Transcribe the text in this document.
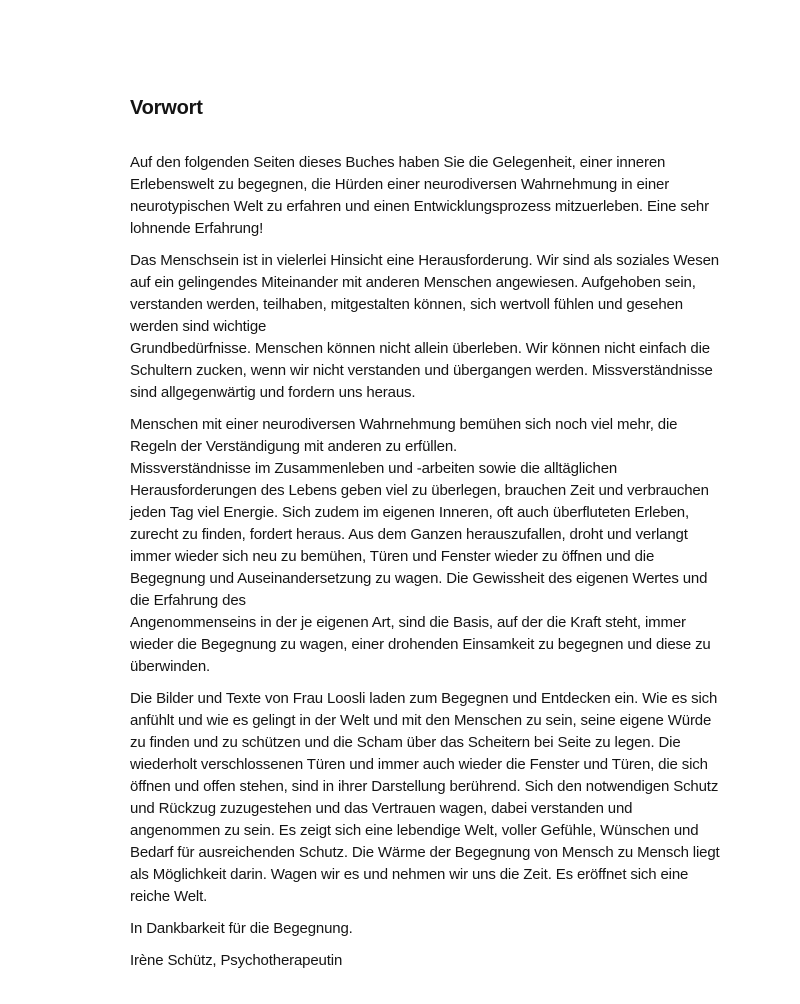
Vorwort

Auf den folgenden Seiten dieses Buches haben Sie die Gelegenheit, einer inneren
Erlebenswelt zu begegnen, die Hürden einer neurodiversen Wahrnehmung in einer
neurotypischen Welt zu erfahren und einen Entwicklungsprozess mitzuerleben. Eine sehr
lohnende Erfahrung!

Das Menschsein ist in vielerlei Hinsicht eine Herausforderung. Wir sind als soziales Wesen
auf ein gelingendes Miteinander mit anderen Menschen angewiesen. Aufgehoben sein,
verstanden werden, teilhaben, mitgestalten können, sich wertvoll fühlen und gesehen
werden sind wichtige
Grundbedürfnisse. Menschen können nicht allein überleben. Wir können nicht einfach die
Schultern zucken, wenn wir nicht verstanden und übergangen werden. Missverständnisse
sind allgegenwärtig und fordern uns heraus.

Menschen mit einer neurodiversen Wahrnehmung bemühen sich noch viel mehr, die
Regeln der Verständigung mit anderen zu erfüllen.
Missverständnisse im Zusammenleben und -arbeiten sowie die alltäglichen
Herausforderungen des Lebens geben viel zu überlegen, brauchen Zeit und verbrauchen
jeden Tag viel Energie. Sich zudem im eigenen Inneren, oft auch überfluteten Erleben,
zurecht zu finden, fordert heraus. Aus dem Ganzen herauszufallen, droht und verlangt
immer wieder sich neu zu bemühen, Türen und Fenster wieder zu öffnen und die
Begegnung und Auseinandersetzung zu wagen. Die Gewissheit des eigenen Wertes und
die Erfahrung des
Angenommenseins in der je eigenen Art, sind die Basis, auf der die Kraft steht, immer
wieder die Begegnung zu wagen, einer drohenden Einsamkeit zu begegnen und diese zu
überwinden.

Die Bilder und Texte von Frau Loosli laden zum Begegnen und Entdecken ein. Wie es sich
anfühlt und wie es gelingt in der Welt und mit den Menschen zu sein, seine eigene Würde
zu finden und zu schützen und die Scham über das Scheitern bei Seite zu legen. Die
wiederholt verschlossenen Türen und immer auch wieder die Fenster und Türen, die sich
öffnen und offen stehen, sind in ihrer Darstellung berührend. Sich den notwendigen Schutz
und Rückzug zuzugestehen und das Vertrauen wagen, dabei verstanden und
angenommen zu sein. Es zeigt sich eine lebendige Welt, voller Gefühle, Wünschen und
Bedarf für ausreichenden Schutz. Die Wärme der Begegnung von Mensch zu Mensch liegt
als Möglichkeit darin. Wagen wir es und nehmen wir uns die Zeit. Es eröffnet sich eine
reiche Welt.

In Dankbarkeit für die Begegnung.

Irène Schütz, Psychotherapeutin
